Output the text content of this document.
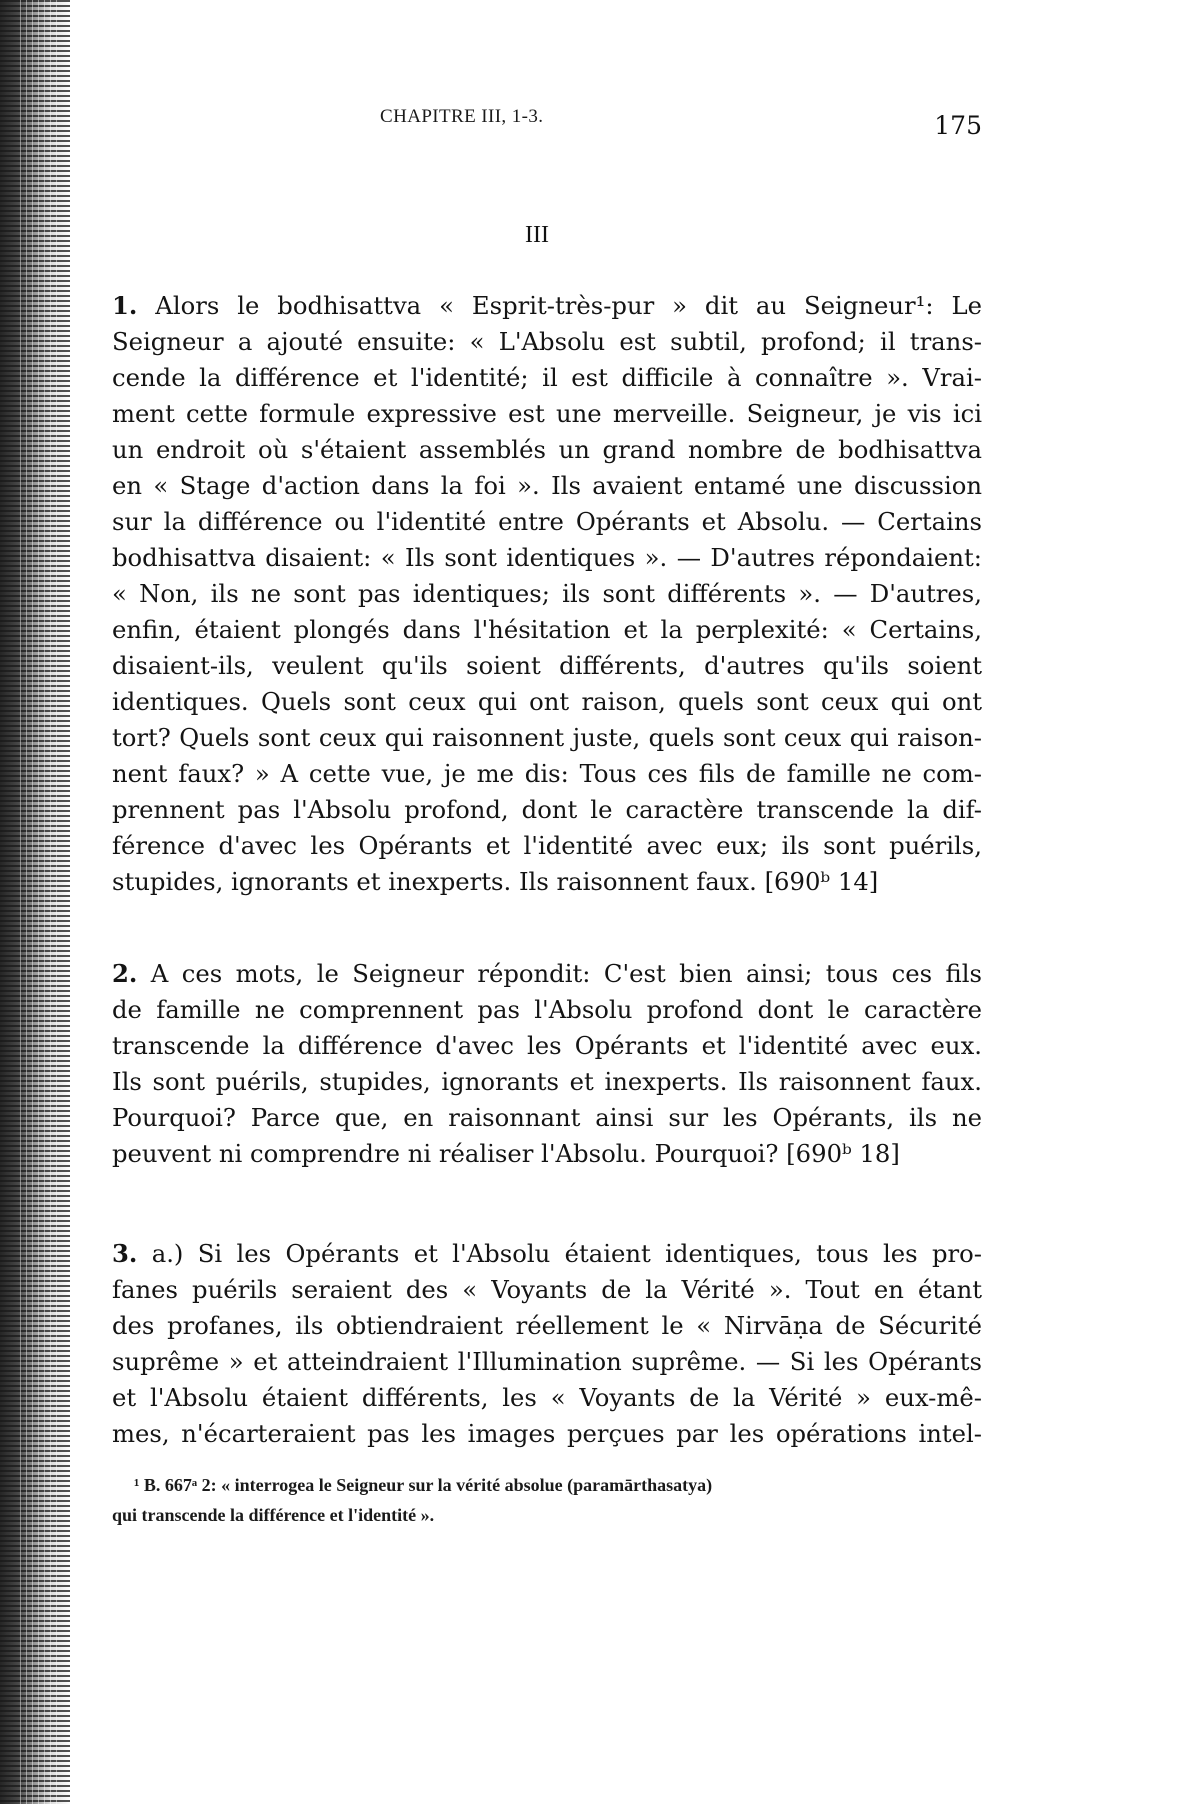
CHAPITRE III, 1-3.	175
III
1. Alors le bodhisattva « Esprit-très-pur » dit au Seigneur¹: Le
Seigneur a ajouté ensuite: « L'Absolu est subtil, profond; il trans-
cende la différence et l'identité; il est difficile à connaître ». Vrai-
ment cette formule expressive est une merveille. Seigneur, je vis ici
un endroit où s'étaient assemblés un grand nombre de bodhisattva
en « Stage d'action dans la foi ». Ils avaient entamé une discussion
sur la différence ou l'identité entre Opérants et Absolu. — Certains
bodhisattva disaient: « Ils sont identiques ». — D'autres répondaient:
« Non, ils ne sont pas identiques; ils sont différents ». — D'autres,
enfin, étaient plongés dans l'hésitation et la perplexité: « Certains,
disaient-ils, veulent qu'ils soient différents, d'autres qu'ils soient
identiques. Quels sont ceux qui ont raison, quels sont ceux qui ont
tort? Quels sont ceux qui raisonnent juste, quels sont ceux qui raison-
nent faux? » A cette vue, je me dis: Tous ces fils de famille ne com-
prennent pas l'Absolu profond, dont le caractère transcende la dif-
férence d'avec les Opérants et l'identité avec eux; ils sont puérils,
stupides, ignorants et inexperts. Ils raisonnent faux. [690ᵇ 14]
2. A ces mots, le Seigneur répondit: C'est bien ainsi; tous ces fils
de famille ne comprennent pas l'Absolu profond dont le caractère
transcende la différence d'avec les Opérants et l'identité avec eux.
Ils sont puérils, stupides, ignorants et inexperts. Ils raisonnent faux.
Pourquoi? Parce que, en raisonnant ainsi sur les Opérants, ils ne
peuvent ni comprendre ni réaliser l'Absolu. Pourquoi? [690ᵇ 18]
3. a.) Si les Opérants et l'Absolu étaient identiques, tous les pro-
fanes puérils seraient des « Voyants de la Vérité ». Tout en étant
des profanes, ils obtiendraient réellement le « Nirvāṇa de Sécurité
suprême » et atteindraient l'Illumination suprême. — Si les Opérants
et l'Absolu étaient différents, les « Voyants de la Vérité » eux-mê-
mes, n'écarteraient pas les images perçues par les opérations intel-
¹ B. 667ᵃ 2: « interrogea le Seigneur sur la vérité absolue (paramārthasatya)
qui transcende la différence et l'identité ».
